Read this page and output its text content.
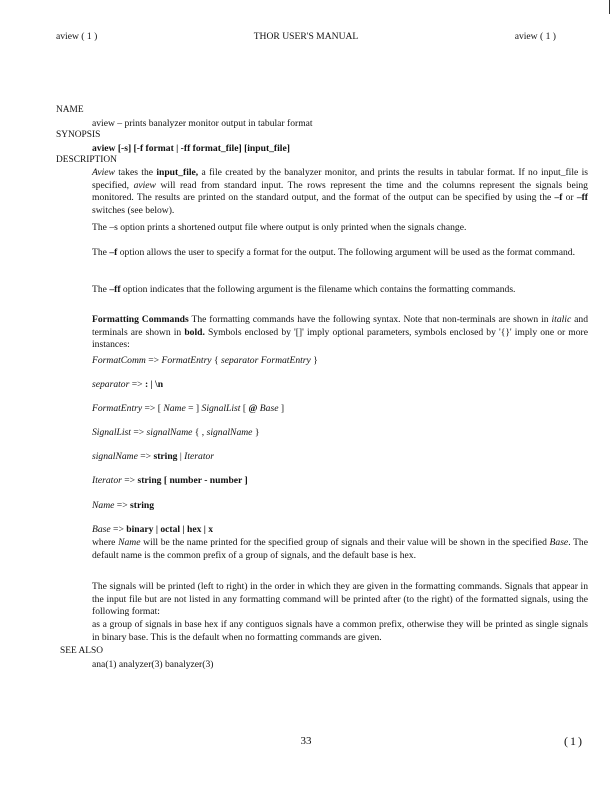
aview ( 1 )	THOR USER'S MANUAL	aview ( 1 )
NAME
aview – prints banalyzer monitor output in tabular format
SYNOPSIS
aview [-s] [-f format | -ff format_file] [input_file]
DESCRIPTION
Aview takes the input_file, a file created by the banalyzer monitor, and prints the results in tabular format. If no input_file is specified, aview will read from standard input. The rows represent the time and the columns represent the signals being monitored. The results are printed on the standard output, and the format of the output can be specified by using the –f or –ff switches (see below).
The –s option prints a shortened output file where output is only printed when the signals change.
The –f option allows the user to specify a format for the output. The following argument will be used as the format command.
The –ff option indicates that the following argument is the filename which contains the formatting commands.
Formatting Commands The formatting commands have the following syntax. Note that non-terminals are shown in italic and terminals are shown in bold. Symbols enclosed by '[]' imply optional parameters, symbols enclosed by '{}' imply one or more instances:
FormatComm => FormatEntry { separator FormatEntry }
separator => : | \n
FormatEntry => [ Name = ] SignalList [ @ Base ]
SignalList => signalName { , signalName }
signalName => string | Iterator
Iterator => string [ number - number ]
Name => string
Base => binary | octal | hex | x
where Name will be the name printed for the specified group of signals and their value will be shown in the specified Base. The default name is the common prefix of a group of signals, and the default base is hex.
The signals will be printed (left to right) in the order in which they are given in the formatting commands. Signals that appear in the input file but are not listed in any formatting command will be printed after (to the right) of the formatted signals, using the following format:
as a group of signals in base hex if any contiguos signals have a common prefix, otherwise they will be printed as single signals in binary base. This is the default when no formatting commands are given.
SEE ALSO
ana(1) analyzer(3) banalyzer(3)
33	(1)
